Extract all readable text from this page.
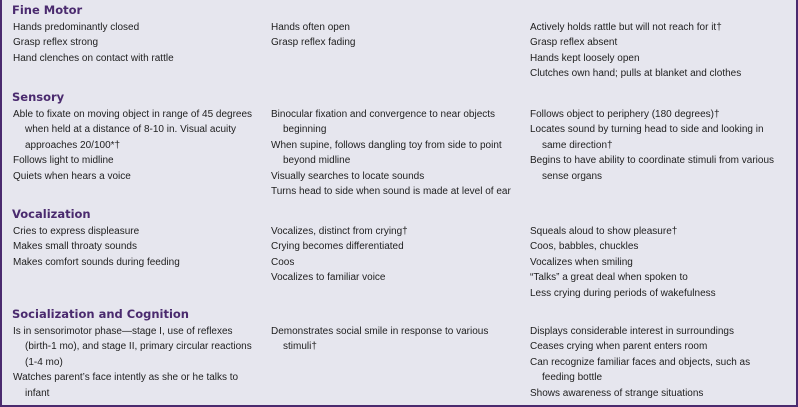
Fine Motor
Hands predominantly closed
Grasp reflex strong
Hand clenches on contact with rattle
Hands often open
Grasp reflex fading
Actively holds rattle but will not reach for it†
Grasp reflex absent
Hands kept loosely open
Clutches own hand; pulls at blanket and clothes
Sensory
Able to fixate on moving object in range of 45 degrees
when held at a distance of 8-10 in. Visual acuity
approaches 20/100*†
Follows light to midline
Quiets when hears a voice
Binocular fixation and convergence to near objects
beginning
When supine, follows dangling toy from side to point
beyond midline
Visually searches to locate sounds
Turns head to side when sound is made at level of ear
Follows object to periphery (180 degrees)†
Locates sound by turning head to side and looking in
same direction†
Begins to have ability to coordinate stimuli from various
sense organs
Vocalization
Cries to express displeasure
Makes small throaty sounds
Makes comfort sounds during feeding
Vocalizes, distinct from crying†
Crying becomes differentiated
Coos
Vocalizes to familiar voice
Squeals aloud to show pleasure†
Coos, babbles, chuckles
Vocalizes when smiling
“Talks” a great deal when spoken to
Less crying during periods of wakefulness
Socialization and Cognition
Is in sensorimotor phase—stage I, use of reflexes
(birth-1 mo), and stage II, primary circular reactions
(1-4 mo)
Watches parent’s face intently as she or he talks to
infant
Demonstrates social smile in response to various
stimuli†
Displays considerable interest in surroundings
Ceases crying when parent enters room
Can recognize familiar faces and objects, such as
feeding bottle
Shows awareness of strange situations
